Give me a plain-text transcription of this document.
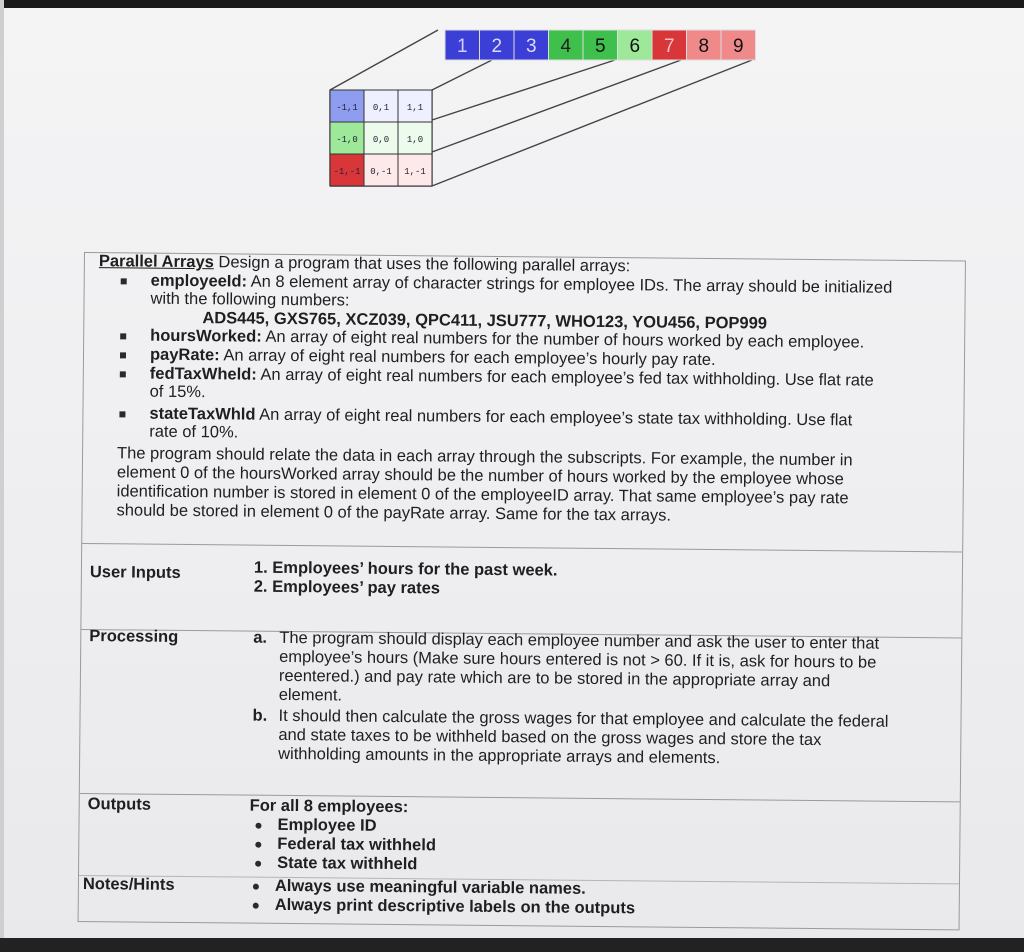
1 2 3 4 5 6 7 8 9
-1,1 0,1 1,1
-1,0 0,0 1,0
-1,-1 0,-1 1,-1
Parallel Arrays Design a program that uses the following parallel arrays:
employeeId: An 8 element array of character strings for employee IDs. The array should be initialized
with the following numbers:
ADS445, GXS765, XCZ039, QPC411, JSU777, WHO123, YOU456, POP999
hoursWorked: An array of eight real numbers for the number of hours worked by each employee.
payRate: An array of eight real numbers for each employee’s hourly pay rate.
fedTaxWheld: An array of eight real numbers for each employee’s fed tax withholding. Use flat rate
of 15%.
stateTaxWhld An array of eight real numbers for each employee’s state tax withholding. Use flat
rate of 10%.
The program should relate the data in each array through the subscripts. For example, the number in
element 0 of the hoursWorked array should be the number of hours worked by the employee whose
identification number is stored in element 0 of the employeeID array. That same employee’s pay rate
should be stored in element 0 of the payRate array. Same for the tax arrays.
User Inputs	1. Employees’ hours for the past week.
2. Employees’ pay rates
Processing	a. The program should display each employee number and ask the user to enter that
employee’s hours (Make sure hours entered is not > 60. If it is, ask for hours to be
reentered.) and pay rate which are to be stored in the appropriate array and
element.
b. It should then calculate the gross wages for that employee and calculate the federal
and state taxes to be withheld based on the gross wages and store the tax
withholding amounts in the appropriate arrays and elements.
Outputs	For all 8 employees:
Employee ID
Federal tax withheld
State tax withheld
Notes/Hints	Always use meaningful variable names.
Always print descriptive labels on the outputs
